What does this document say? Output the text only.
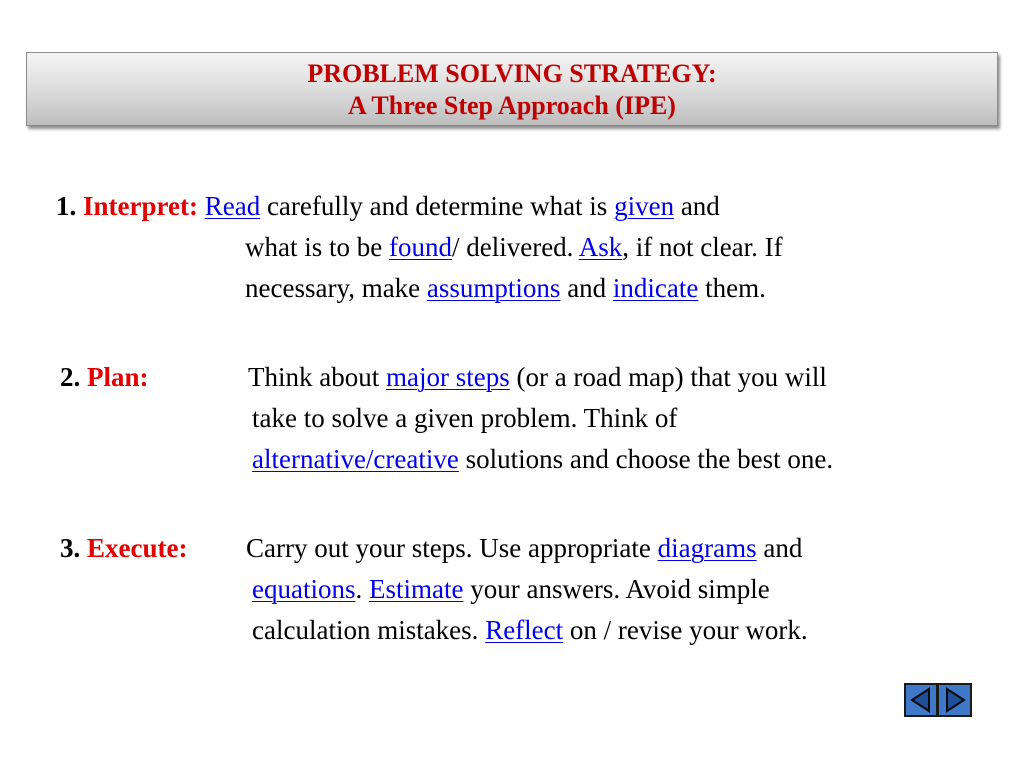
PROBLEM SOLVING STRATEGY:
A Three Step Approach (IPE)
1. Interpret: Read carefully and determine what is given and
what is to be found/ delivered. Ask, if not clear. If
necessary, make assumptions and indicate them.
2. Plan:	Think about major steps (or a road map) that you will
take to solve a given problem. Think of
alternative/creative solutions and choose the best one.
3. Execute: Carry out your steps. Use appropriate diagrams and
equations. Estimate your answers. Avoid simple
calculation mistakes. Reflect on / revise your work.
